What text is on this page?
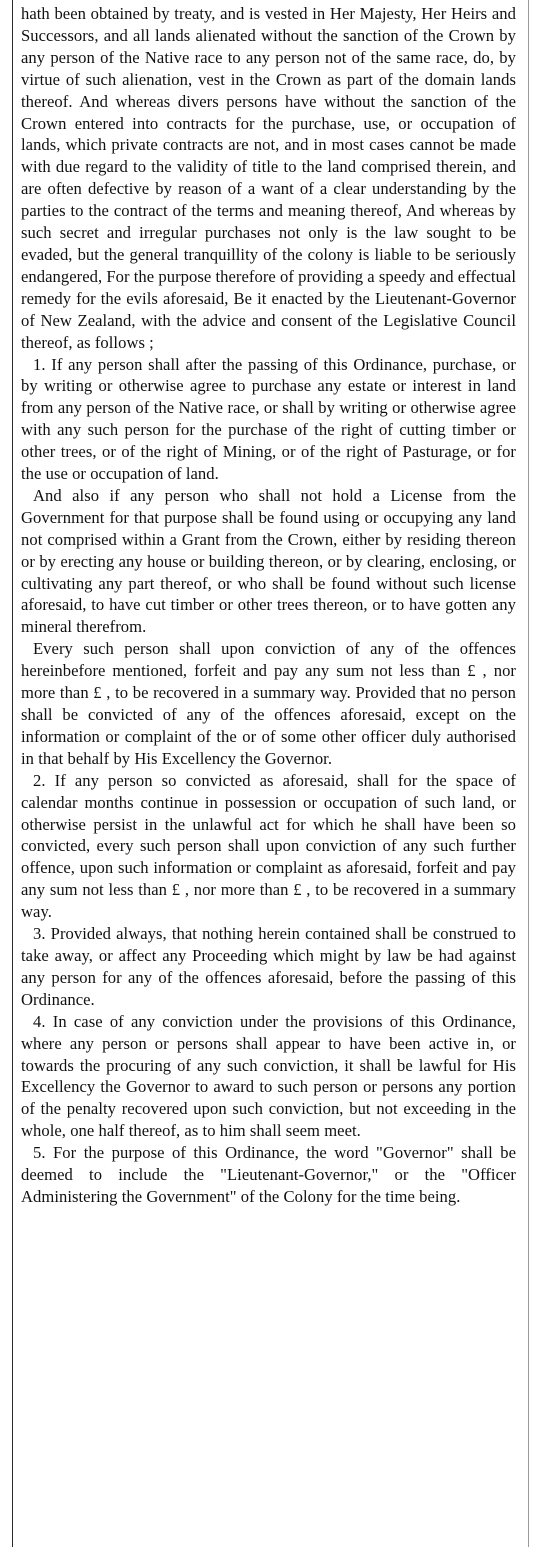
hath been obtained by treaty, and is vested in Her Majesty, Her Heirs and Successors, and all lands alienated without the sanction of the Crown by any person of the Native race to any person not of the same race, do, by virtue of such alienation, vest in the Crown as part of the domain lands thereof. And whereas divers persons have without the sanction of the Crown entered into contracts for the purchase, use, or occupation of lands, which private contracts are not, and in most cases cannot be made with due regard to the validity of title to the land comprised therein, and are often defective by reason of a want of a clear understanding by the parties to the contract of the terms and meaning thereof, And whereas by such secret and irregular purchases not only is the law sought to be evaded, but the general tranquillity of the colony is liable to be seriously endangered, For the purpose therefore of providing a speedy and effectual remedy for the evils aforesaid, Be it enacted by the Lieutenant-Governor of New Zealand, with the advice and consent of the Legislative Council thereof, as follows ;

1. If any person shall after the passing of this Ordinance, purchase, or by writing or otherwise agree to purchase any estate or interest in land from any person of the Native race, or shall by writing or otherwise agree with any such person for the purchase of the right of cutting timber or other trees, or of the right of Mining, or of the right of Pasturage, or for the use or occupation of land.

And also if any person who shall not hold a License from the Government for that purpose shall be found using or occupying any land not comprised within a Grant from the Crown, either by residing thereon or by erecting any house or building thereon, or by clearing, enclosing, or cultivating any part thereof, or who shall be found without such license aforesaid, to have cut timber or other trees thereon, or to have gotten any mineral therefrom.

Every such person shall upon conviction of any of the offences hereinbefore mentioned, forfeit and pay any sum not less than £ , nor more than £ , to be recovered in a summary way. Provided that no person shall be convicted of any of the offences aforesaid, except on the information or complaint of the or of some other officer duly authorised in that behalf by His Excellency the Governor.

2. If any person so convicted as aforesaid, shall for the space of calendar months continue in possession or occupation of such land, or otherwise persist in the unlawful act for which he shall have been so convicted, every such person shall upon conviction of any such further offence, upon such information or complaint as aforesaid, forfeit and pay any sum not less than £ , nor more than £ , to be recovered in a summary way.

3. Provided always, that nothing herein contained shall be construed to take away, or affect any Proceeding which might by law be had against any person for any of the offences aforesaid, before the passing of this Ordinance.

4. In case of any conviction under the provisions of this Ordinance, where any person or persons shall appear to have been active in, or towards the procuring of any such conviction, it shall be lawful for His Excellency the Governor to award to such person or persons any portion of the penalty recovered upon such conviction, but not exceeding in the whole, one half thereof, as to him shall seem meet.

5. For the purpose of this Ordinance, the word "Governor" shall be deemed to include the "Lieutenant-Governor," or the "Officer Administering the Government" of the Colony for the time being.
